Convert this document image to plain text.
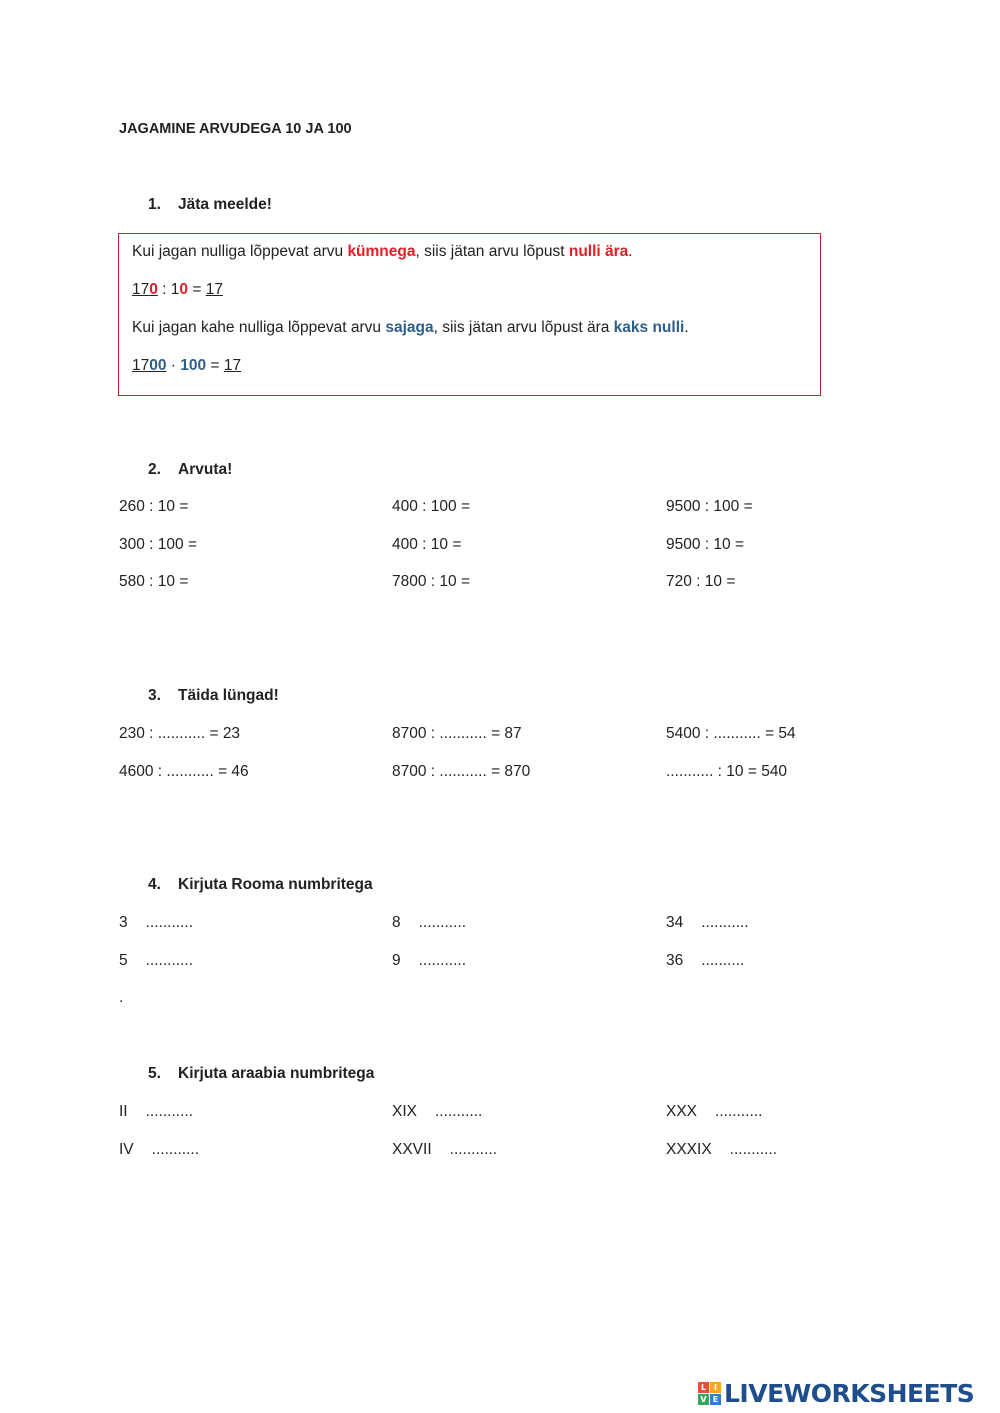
JAGAMINE ARVUDEGA 10 JA 100
1. Jäta meelde!
Kui jagan nulliga lõppevat arvu kümnega, siis jätan arvu lõpust nulli ära.
170 : 10 = 17
Kui jagan kahe nulliga lõppevat arvu sajaga, siis jätan arvu lõpust ära kaks nulli.
1700 · 100 = 17
2. Arvuta!
260 : 10 =	400 : 100 =	9500 : 100 =
300 : 100 =	400 : 10 =	9500 : 10 =
580 : 10 =	7800 : 10 =	720 : 10 =
3. Täida lüngad!
230 : ........... = 23	8700 : ........... = 87	5400 : ........... = 54
4600 : ........... = 46	8700 : ........... = 870	........... : 10 = 540
4. Kirjuta Rooma numbritega
3 ...........	8 ...........	34 ...........
5 ...........	9 ...........	36 ..........
.
5. Kirjuta araabia numbritega
II ...........	XIX ...........	XXX ...........
IV ...........	XXVII ...........	XXXIX ...........
L I
V E LIVEWORKSHEETS
